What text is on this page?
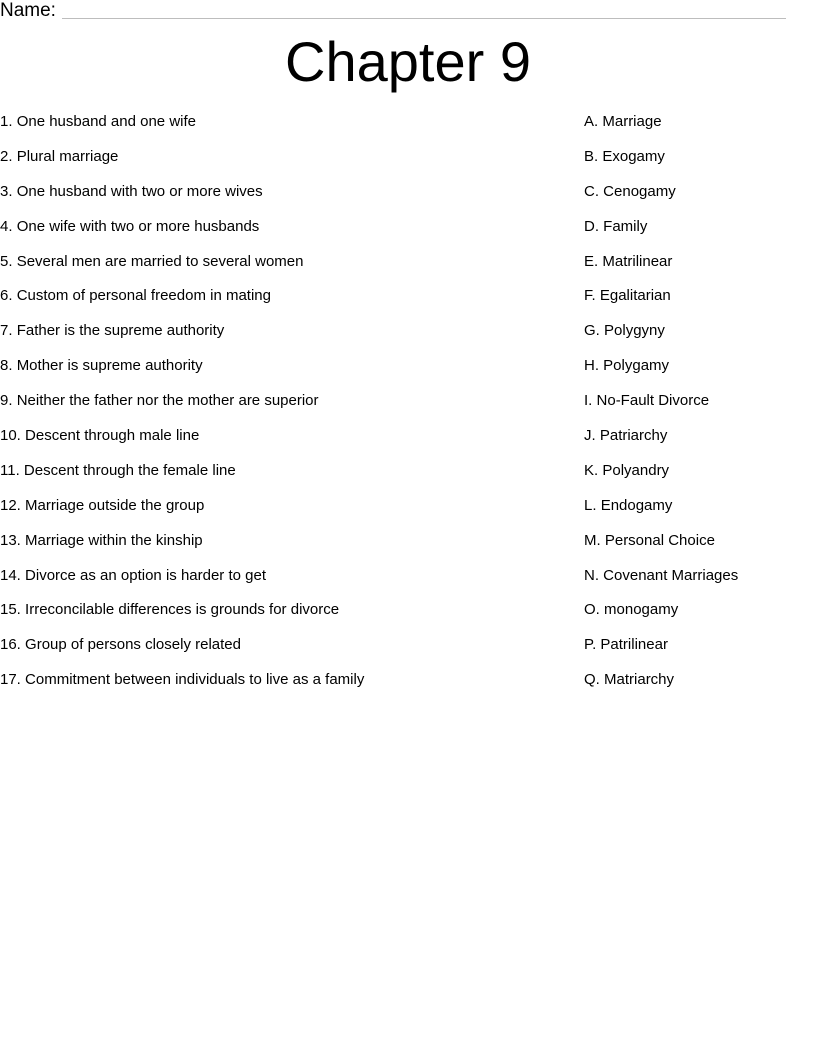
Name:
Chapter 9
1. One husband and one wife
2. Plural marriage
3. One husband with two or more wives
4. One wife with two or more husbands
5. Several men are married to several women
6. Custom of personal freedom in mating
7. Father is the supreme authority
8. Mother is supreme authority
9. Neither the father nor the mother are superior
10. Descent through male line
11. Descent through the female line
12. Marriage outside the group
13. Marriage within the kinship
14. Divorce as an option is harder to get
15. Irreconcilable differences is grounds for divorce
16. Group of persons closely related
17. Commitment between individuals to live as a family
A. Marriage
B. Exogamy
C. Cenogamy
D. Family
E. Matrilinear
F. Egalitarian
G. Polygyny
H. Polygamy
I. No-Fault Divorce
J. Patriarchy
K. Polyandry
L. Endogamy
M. Personal Choice
N. Covenant Marriages
O. monogamy
P. Patrilinear
Q. Matriarchy
